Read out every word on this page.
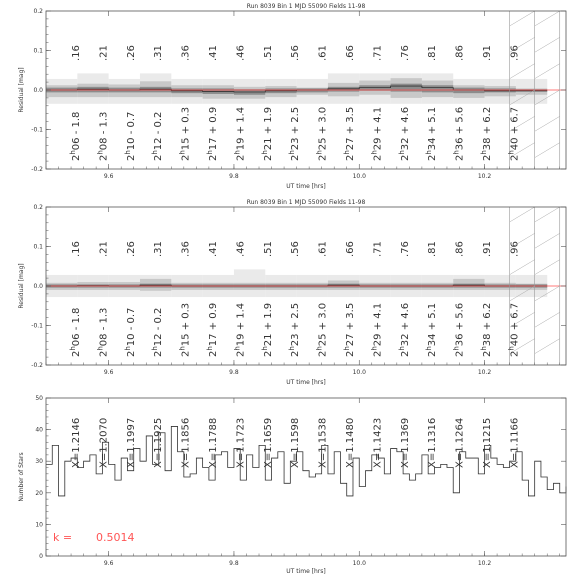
Run 8039 Bin 1 MJD 55090 Fields 11-98
-0.2
-0.1
0.0
0.1
0.2
9.6	9.8	10.0	10.2
UT time [hrs]
Residual [mag]
.16
2$^h$06 - 1.8
.21
2$^h$08 - 1.3
.26
2$^h$10 - 0.7
.31
2$^h$12 - 0.2
.36
$2^h15 + 0.3$
.41
$2^h17 + 0.9$
.46
$2^h19 + 1.4$
.51
$2^h21 + 1.9$
.56
$2^h23 + 2.5$
.61
$2^h25 + 3.0$
.66
$2^h27 + 3.5$
.71
$2^h29 + 4.1$
.76
$2^h32 + 4.6$
.81
$2^h34 + 5.1$
.86
$2^h36 + 5.6$
.91
$2^h38 + 6.2$
.96
$2^h40 + 6.7$
Run 8039 Bin 1 MJD 55090 Fields 11-98
-0.2
-0.1
0.0
0.1
0.2
9.6	9.8	10.0	10.2
UT time [hrs]
Residual [mag]
.16
2$^h$06 - 1.8
.21
2$^h$08 - 1.3
.26
2$^h$10 - 0.7
.31
2$^h$12 - 0.2
.36
$2^h15 + 0.3$
.41
$2^h17 + 0.9$
.46
$2^h19 + 1.4$
.51
$2^h21 + 1.9$
.56
$2^h23 + 2.5$
.61
$2^h25 + 3.0$
.66
$2^h27 + 3.5$
.71
$2^h29 + 4.1$
.76
$2^h32 + 4.6$
.81
$2^h34 + 5.1$
.86
$2^h36 + 5.6$
.91
$2^h38 + 6.2$
.96
$2^h40 + 6.7$
0
10
20
30
40
50
9.6	9.8	10.0	10.2
UT time [hrs]
Number of Stars
X=1.2146 X=1.2070 X=1.1997 X=1.1925 X=1.1856 X=1.1788 X=1.1723 X=1.1659 X=1.1598 X=1.1538 X=1.1480 X=1.1423 X=1.1369 X=1.1316 X=1.1264 X=1.1215 X=1.1166
k = 0.5014
